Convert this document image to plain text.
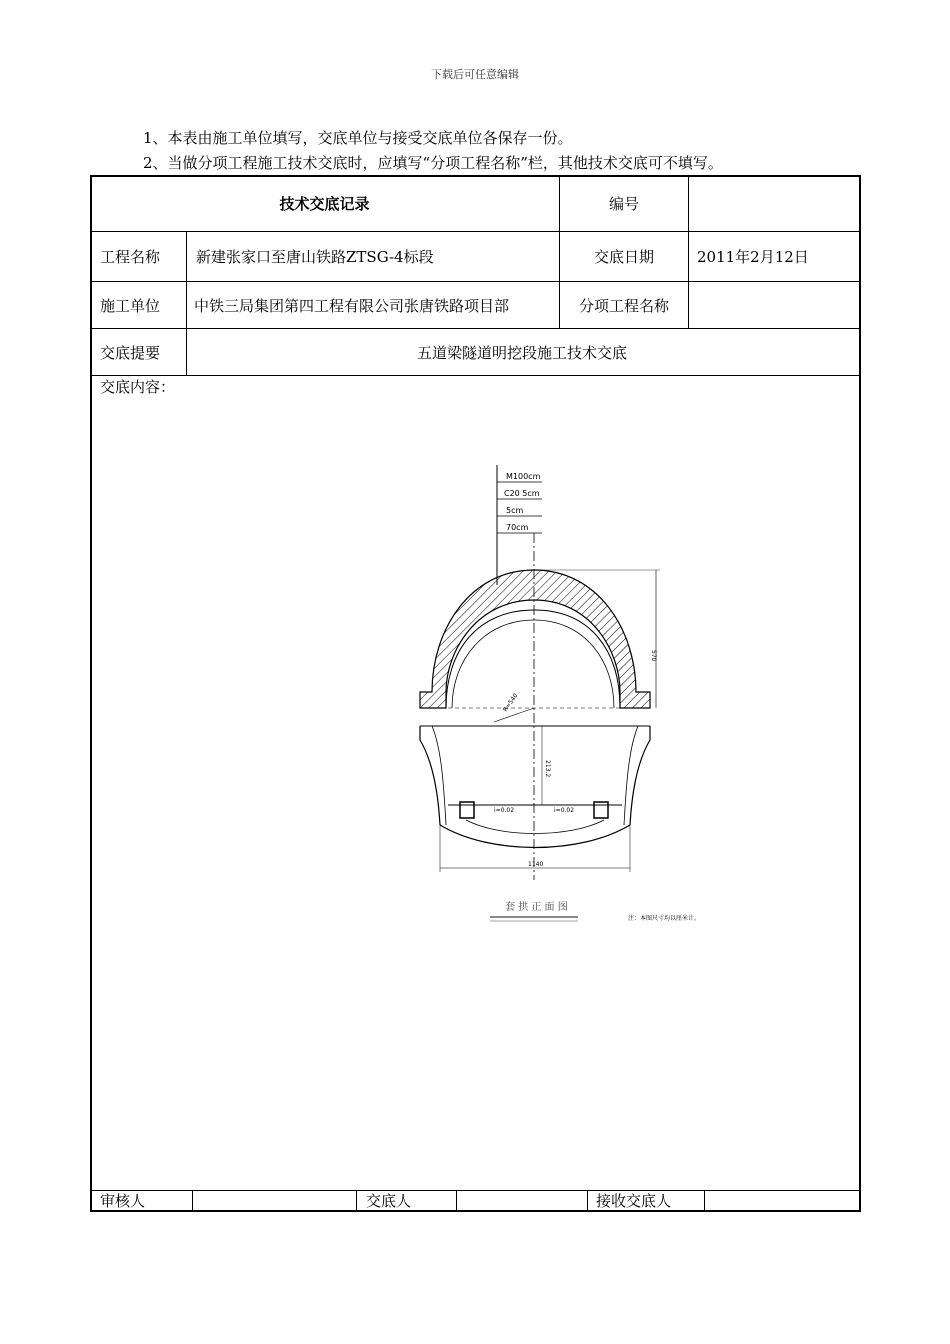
下载后可任意编辑
1、本表由施工单位填写，交底单位与接受交底单位各保存一份。
2、当做分项工程施工技术交底时，应填写“分项工程名称”栏，其他技术交底可不填写。
技术交底记录	编号
工程名称	新建张家口至唐山铁路ZTSG-4标段	交底日期	2011年2月12日
施工单位	中铁三局集团第四工程有限公司张唐铁路项目部	分项工程名称
交底提要	五道梁隧道明挖段施工技术交底
交底内容：
审核人	交底人	接收交底人
M100cm
C20 5cm
5cm
70cm
R=540
570
213.2
i=0.02	i=0.02
1140
套 拱 正 面 图
注：本图尺寸均以厘米计。
